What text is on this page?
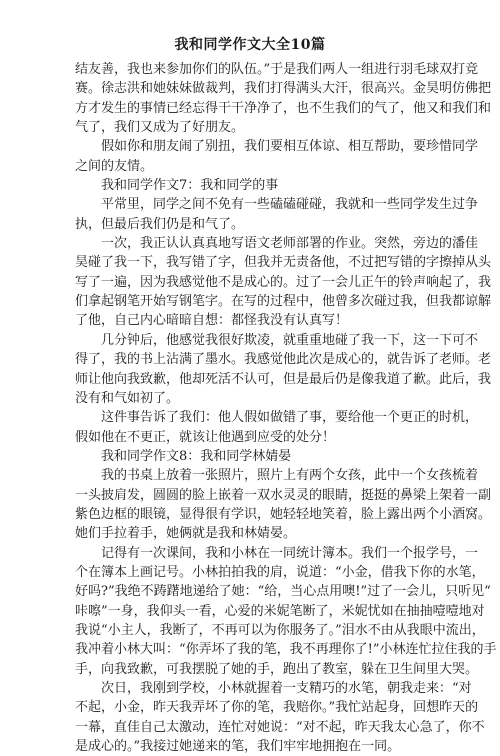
我和同学作文大全10篇
结友善，我也来参加你们的队伍。”于是我们两人一组进行羽毛球双打竞
赛。徐志洪和她妹妹做裁判，我们打得满头大汗，很高兴。金昊明仿佛把
方才发生的事情已经忘得干干净净了，也不生我们的气了，他又和我们和
气了，我们又成为了好朋友。
假如你和朋友闹了别扭，我们要相互体谅、相互帮助，要珍惜同学
之间的友情。
我和同学作文7：我和同学的事
平常里，同学之间不免有一些磕磕碰碰，我就和一些同学发生过争
执，但最后我们仍是和气了。
一次，我正认认真真地写语文老师部署的作业。突然，旁边的潘佳
昊碰了我一下，我写错了字，但我并无责备他，不过把写错的字擦掉从头
写了一遍，因为我感觉他不是成心的。过了一会儿正午的铃声响起了，我
们拿起钢笔开始写钢笔字。在写的过程中，他曾多次碰过我，但我都谅解
了他，自己内心暗暗自想：都怪我没有认真写！
几分钟后，他感觉我很好欺凌，就重重地碰了我一下，这一下可不
得了，我的书上沾满了墨水。我感觉他此次是成心的，就告诉了老师。老
师让他向我致歉，他却死活不认可，但是最后仍是像我道了歉。此后，我
没有和气如初了。
这件事告诉了我们：他人假如做错了事，要给他一个更正的时机，
假如他在不更正，就该让他遇到应受的处分！
我和同学作文8：我和同学林婧晏
我的书桌上放着一张照片，照片上有两个女孩，此中一个女孩梳着
一头披肩发，圆圆的脸上嵌着一双水灵灵的眼睛，挺挺的鼻梁上架着一副
紫色边框的眼镜，显得很有学识，她轻轻地笑着，脸上露出两个小酒窝。
她们手拉着手，她俩就是我和林婧晏。
记得有一次课间，我和小林在一同统计簿本。我们一个报学号，一
个在簿本上画记号。小林拍拍我的肩，说道：“小金，借我下你的水笔，
好吗?”我绝不踌躇地递给了她：“给，当心点用噢!”过了一会儿，只听见“
咔嚓”一身，我仰头一看，心爱的米妮笔断了，米妮忧如在抽抽噎噎地对
我说“小主人，我断了，不再可以为你服务了。”泪水不由从我眼中流出，
我冲着小林大叫：“你弄坏了我的笔，我不再理你了!”小林连忙拉住我的手
手，向我致歉，可我摆脱了她的手，跑出了教室，躲在卫生间里大哭。
次日，我刚到学校，小林就握着一支精巧的水笔，朝我走来：“对
不起，小金，昨天我弄坏了你的笔，我赔你。”我忙站起身，回想昨天的
一幕，直佳自己太激动，连忙对她说：“对不起，昨天我太心急了，你不
是成心的。”我接过她递来的笔，我们牢牢地拥抱在一同。
